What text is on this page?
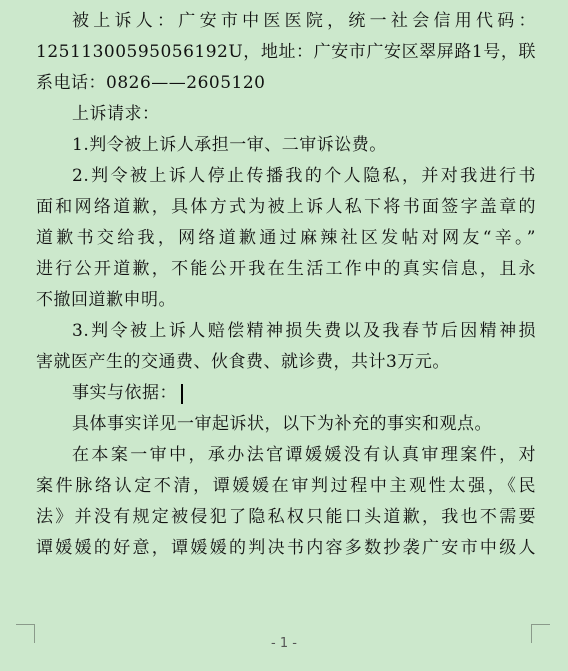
被上诉人：广安市中医医院，统一社会信用代码：
12511300595056192U，地址：广安市广安区翠屏路1号，联
系电话：0826——2605120
上诉请求：
1.判令被上诉人承担一审、二审诉讼费。
2.判令被上诉人停止传播我的个人隐私，并对我进行书
面和网络道歉，具体方式为被上诉人私下将书面签字盖章的
道歉书交给我，网络道歉通过麻辣社区发帖对网友“辛。”
进行公开道歉，不能公开我在生活工作中的真实信息，且永
不撤回道歉申明。
3.判令被上诉人赔偿精神损失费以及我春节后因精神损
害就医产生的交通费、伙食费、就诊费，共计3万元。
事实与依据：
具体事实详见一审起诉状，以下为补充的事实和观点。
在本案一审中，承办法官谭媛媛没有认真审理案件，对
案件脉络认定不清，谭媛媛在审判过程中主观性太强，《民
法》并没有规定被侵犯了隐私权只能口头道歉，我也不需要
谭媛媛的好意，谭媛媛的判决书内容多数抄袭广安市中级人
- 1 -
